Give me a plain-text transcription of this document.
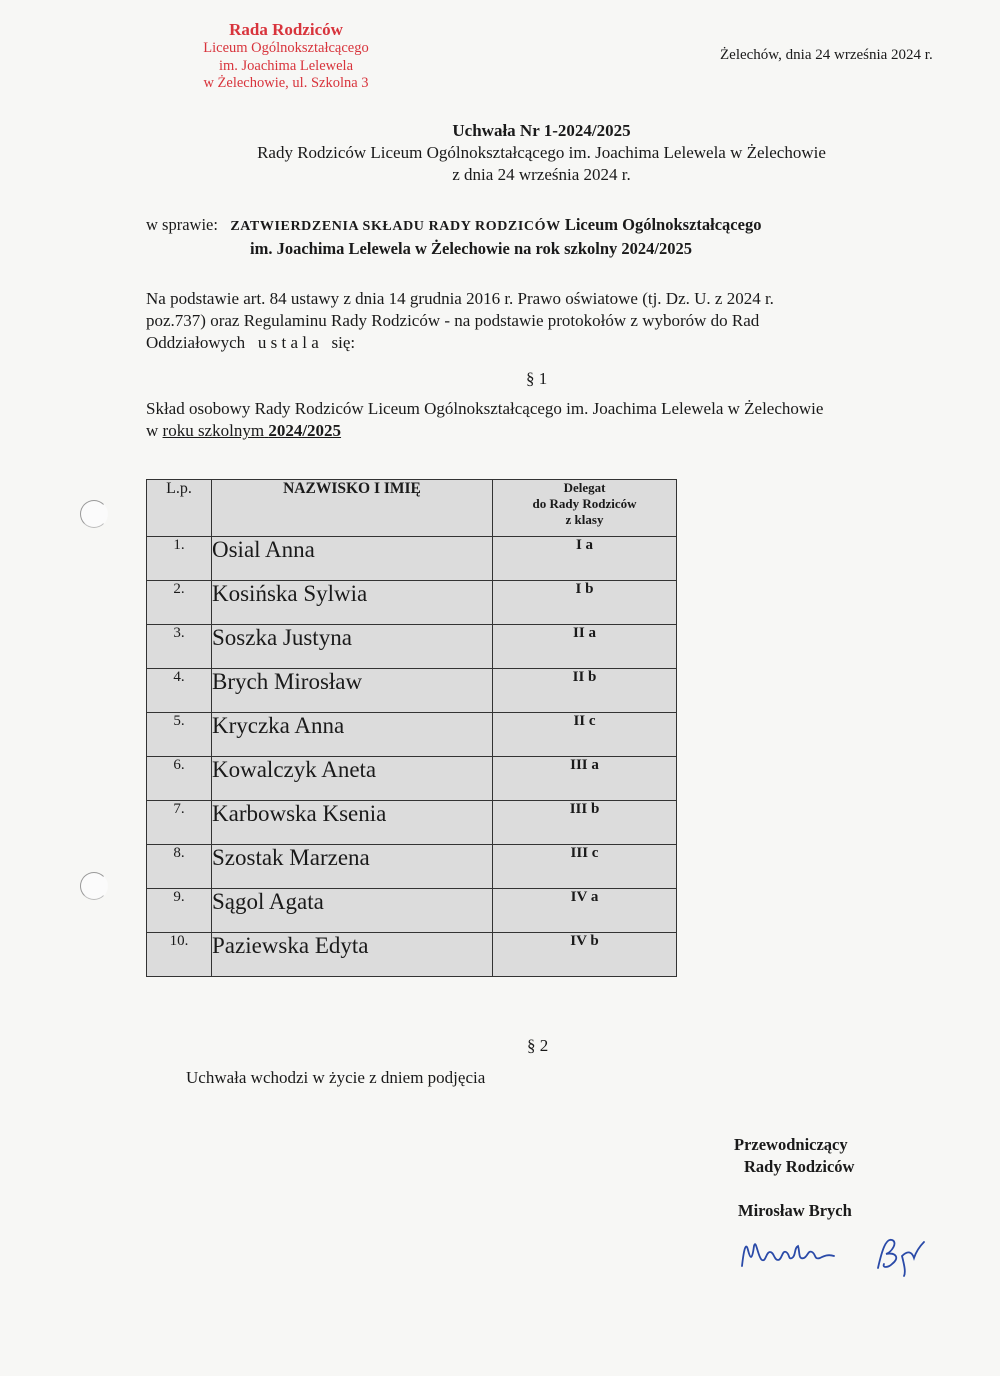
Rada Rodziców
Liceum Ogólnokształcącego
im. Joachima Lelewela
w Żelechowie, ul. Szkolna 3
Żelechów, dnia 24 września 2024 r.
Uchwała Nr 1-2024/2025
Rady Rodziców Liceum Ogólnokształcącego im. Joachima Lelewela w Żelechowie
z dnia 24 września 2024 r.
w sprawie: ZATWIERDZENIA SKŁADU RADY RODZICÓW Liceum Ogólnokształcącego
im. Joachima Lelewela w Żelechowie na rok szkolny 2024/2025
Na podstawie art. 84 ustawy z dnia 14 grudnia 2016 r. Prawo oświatowe (tj. Dz. U. z 2024 r.
poz.737) oraz Regulaminu Rady Rodziców - na podstawie protokołów z wyborów do Rad
Oddziałowych u s t a l a się:
§ 1
Skład osobowy Rady Rodziców Liceum Ogólnokształcącego im. Joachima Lelewela w Żelechowie
w roku szkolnym 2024/2025
L.p.	NAZWISKO I IMIĘ	Delegat
do Rady Rodziców
z klasy

1.	Osial Anna	I a
2.	Kosińska Sylwia	I b
3.	Soszka Justyna	II a
4.	Brych Mirosław	II b
5.	Kryczka Anna	II c
6.	Kowalczyk Aneta	III a
7.	Karbowska Ksenia	III b
8.	Szostak Marzena	III c
9.	Sągol Agata	IV a
10.	Paziewska Edyta	IV b
§ 2
Uchwała wchodzi w życie z dniem podjęcia
Przewodniczący
Rady Rodziców
Mirosław Brych
